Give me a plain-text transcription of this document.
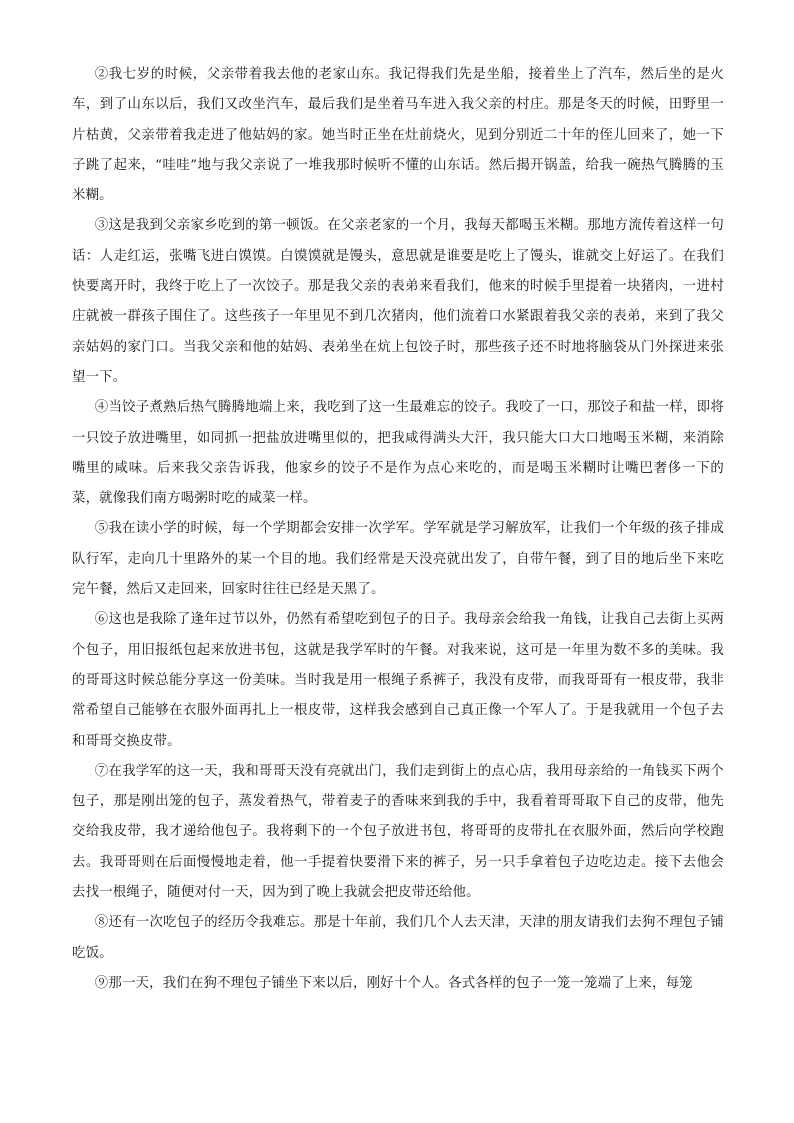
②我七岁的时候，父亲带着我去他的老家山东。我记得我们先是坐船，接着坐上了汽车，然后坐的是火车，到了山东以后，我们又改坐汽车，最后我们是坐着马车进入我父亲的村庄。那是冬天的时候，田野里一片枯黄，父亲带着我走进了他姑妈的家。她当时正坐在灶前烧火，见到分别近二十年的侄儿回来了，她一下子跳了起来，“哇哇”地与我父亲说了一堆我那时候听不懂的山东话。然后揭开锅盖，给我一碗热气腾腾的玉米糊。

③这是我到父亲家乡吃到的第一顿饭。在父亲老家的一个月，我每天都喝玉米糊。那地方流传着这样一句话：人走红运，张嘴飞进白馍馍。白馍馍就是馒头，意思就是谁要是吃上了馒头，谁就交上好运了。在我们快要离开时，我终于吃上了一次饺子。那是我父亲的表弟来看我们，他来的时候手里提着一块猪肉，一进村庄就被一群孩子围住了。这些孩子一年里见不到几次猪肉，他们流着口水紧跟着我父亲的表弟，来到了我父亲姑妈的家门口。当我父亲和他的姑妈、表弟坐在炕上包饺子时，那些孩子还不时地将脑袋从门外探进来张望一下。

④当饺子煮熟后热气腾腾地端上来，我吃到了这一生最难忘的饺子。我咬了一口，那饺子和盐一样，即将一只饺子放进嘴里，如同抓一把盐放进嘴里似的，把我咸得满头大汗，我只能大口大口地喝玉米糊，来消除嘴里的咸味。后来我父亲告诉我，他家乡的饺子不是作为点心来吃的，而是喝玉米糊时让嘴巴奢侈一下的菜，就像我们南方喝粥时吃的咸菜一样。

⑤我在读小学的时候，每一个学期都会安排一次学军。学军就是学习解放军，让我们一个年级的孩子排成队行军，走向几十里路外的某一个目的地。我们经常是天没亮就出发了，自带午餐，到了目的地后坐下来吃完午餐，然后又走回来，回家时往往已经是天黑了。

⑥这也是我除了逢年过节以外，仍然有希望吃到包子的日子。我母亲会给我一角钱，让我自己去街上买两个包子，用旧报纸包起来放进书包，这就是我学军时的午餐。对我来说，这可是一年里为数不多的美味。我的哥哥这时候总能分享这一份美味。当时我是用一根绳子系裤子，我没有皮带，而我哥哥有一根皮带，我非常希望自己能够在衣服外面再扎上一根皮带，这样我会感到自己真正像一个军人了。于是我就用一个包子去和哥哥交换皮带。

⑦在我学军的这一天，我和哥哥天没有亮就出门，我们走到街上的点心店，我用母亲给的一角钱买下两个包子，那是刚出笼的包子，蒸发着热气，带着麦子的香味来到我的手中，我看着哥哥取下自己的皮带，他先交给我皮带，我才递给他包子。我将剩下的一个包子放进书包，将哥哥的皮带扎在衣服外面，然后向学校跑去。我哥哥则在后面慢慢地走着，他一手提着快要滑下来的裤子，另一只手拿着包子边吃边走。接下去他会去找一根绳子，随便对付一天，因为到了晚上我就会把皮带还给他。

⑧还有一次吃包子的经历令我难忘。那是十年前，我们几个人去天津，天津的朋友请我们去狗不理包子铺吃饭。

⑨那一天，我们在狗不理包子铺坐下来以后，刚好十个人。各式各样的包子一笼一笼端了上来，每笼
